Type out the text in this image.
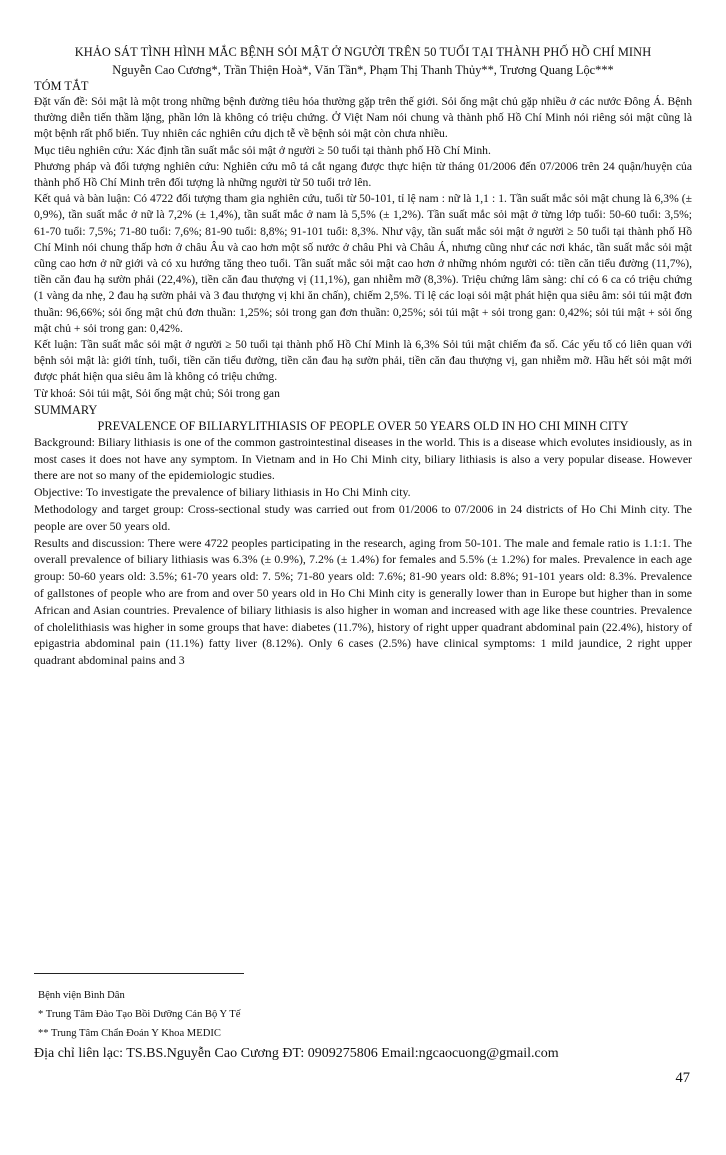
KHẢO SÁT TÌNH HÌNH MẮC BỆNH SỎI MẬT Ở NGƯỜI TRÊN 50 TUỔI TẠI THÀNH PHỐ HỒ CHÍ MINH

Nguyễn Cao Cương*, Trần Thiện Hoà*, Văn Tần*, Phạm Thị Thanh Thủy**, Trương Quang Lộc***

TÓM TẮT

Đặt vấn đề: Sỏi mật là một trong những bệnh đường tiêu hóa thường gặp trên thế giới. Sỏi ống mật chủ gặp nhiều ở các nước Đông Á. Bệnh thường diễn tiến thầm lặng, phần lớn là không có triệu chứng. Ở Việt Nam nói chung và thành phố Hồ Chí Minh nói riêng sỏi mật cũng là một bệnh rất phổ biến. Tuy nhiên các nghiên cứu dịch tễ về bệnh sỏi mật còn chưa nhiều.

Mục tiêu nghiên cứu: Xác định tần suất mắc sỏi mật ở người ≥ 50 tuổi tại thành phố Hồ Chí Minh.

Phương pháp và đối tượng nghiên cứu: Nghiên cứu mô tả cắt ngang được thực hiện từ tháng 01/2006 đến 07/2006 trên 24 quận/huyện của thành phố Hồ Chí Minh trên đối tượng là những người từ 50 tuổi trở lên.

Kết quả và bàn luận: Có 4722 đối tượng tham gia nghiên cứu, tuổi từ 50-101, tỉ lệ nam : nữ là 1,1 : 1. Tần suất mắc sỏi mật chung là 6,3% (± 0,9%), tần suất mắc ở nữ là 7,2% (± 1,4%), tần suất mắc ở nam là 5,5% (± 1,2%). Tần suất mắc sỏi mật ở từng lớp tuổi: 50-60 tuổi: 3,5%; 61-70 tuổi: 7,5%; 71-80 tuổi: 7,6%; 81-90 tuổi: 8,8%; 91-101 tuổi: 8,3%. Như vậy, tần suất mắc sỏi mật ở người ≥ 50 tuổi tại thành phố Hồ Chí Minh nói chung thấp hơn ở châu Âu và cao hơn một số nước ở châu Phi và Châu Á, nhưng cũng như các nơi khác, tần suất mắc sỏi mật cũng cao hơn ở nữ giới và có xu hướng tăng theo tuổi. Tần suất mắc sỏi mật cao hơn ở những nhóm người có: tiền căn tiểu đường (11,7%), tiền căn đau hạ sườn phải (22,4%), tiền căn đau thượng vị (11,1%), gan nhiễm mỡ (8,3%). Triệu chứng lâm sàng: chỉ có 6 ca có triệu chứng (1 vàng da nhẹ, 2 đau hạ sườn phải và 3 đau thượng vị khi ăn chấn), chiếm 2,5%. Tỉ lệ các loại sỏi mật phát hiện qua siêu âm: sỏi túi mật đơn thuần: 96,66%; sỏi ống mật chủ đơn thuần: 1,25%; sỏi trong gan đơn thuần: 0,25%; sỏi túi mật + sỏi trong gan: 0,42%; sỏi túi mật + sỏi ống mật chủ + sỏi trong gan: 0,42%.

Kết luận: Tần suất mắc sỏi mật ở người ≥ 50 tuổi tại thành phố Hồ Chí Minh là 6,3% Sỏi túi mật chiếm đa số. Các yếu tố có liên quan với bệnh sỏi mật là: giới tính, tuổi, tiền căn tiểu đường, tiền căn đau hạ sườn phải, tiền căn đau thượng vị, gan nhiễm mỡ. Hầu hết sỏi mật mới được phát hiện qua siêu âm là không có triệu chứng.

Từ khoá: Sỏi túi mật, Sỏi ống mật chủ; Sỏi trong gan

SUMMARY

PREVALENCE OF BILIARYLITHIASIS OF PEOPLE OVER 50 YEARS OLD IN HO CHI MINH CITY

Background: Biliary lithiasis is one of the common gastrointestinal diseases in the world. This is a disease which evolutes insidiously, as in most cases it does not have any symptom. In Vietnam and in Ho Chi Minh city, biliary lithiasis is also a very popular disease. However there are not so many of the epidemiologic studies.

Objective: To investigate the prevalence of biliary lithiasis in Ho Chi Minh city.

Methodology and target group: Cross-sectional study was carried out from 01/2006 to 07/2006 in 24 districts of Ho Chi Minh city. The people are over 50 years old.

Results and discussion: There were 4722 peoples participating in the research, aging from 50-101. The male and female ratio is 1.1:1. The overall prevalence of biliary lithiasis was 6.3% (± 0.9%), 7.2% (± 1.4%) for females and 5.5% (± 1.2%) for males. Prevalence in each age group: 50-60 years old: 3.5%; 61-70 years old: 7. 5%; 71-80 years old: 7.6%; 81-90 years old: 8.8%; 91-101 years old: 8.3%. Prevalence of gallstones of people who are from and over 50 years old in Ho Chi Minh city is generally lower than in Europe but higher than in some African and Asian countries. Prevalence of biliary lithiasis is also higher in woman and increased with age like these countries. Prevalence of cholelithiasis was higher in some groups that have: diabetes (11.7%), history of right upper quadrant abdominal pain (22.4%), history of epigastria abdominal pain (11.1%) fatty liver (8.12%). Only 6 cases (2.5%) have clinical symptoms: 1 mild jaundice, 2 right upper quadrant abdominal pains and 3

Bệnh viện Bình Dân
* Trung Tâm Đào Tạo Bồi Dưỡng Cán Bộ Y Tế
** Trung Tâm Chẩn Đoán Y Khoa MEDIC
Địa chỉ liên lạc: TS.BS.Nguyễn Cao Cương ĐT: 0909275806 Email:ngcaocuong@gmail.com
47
